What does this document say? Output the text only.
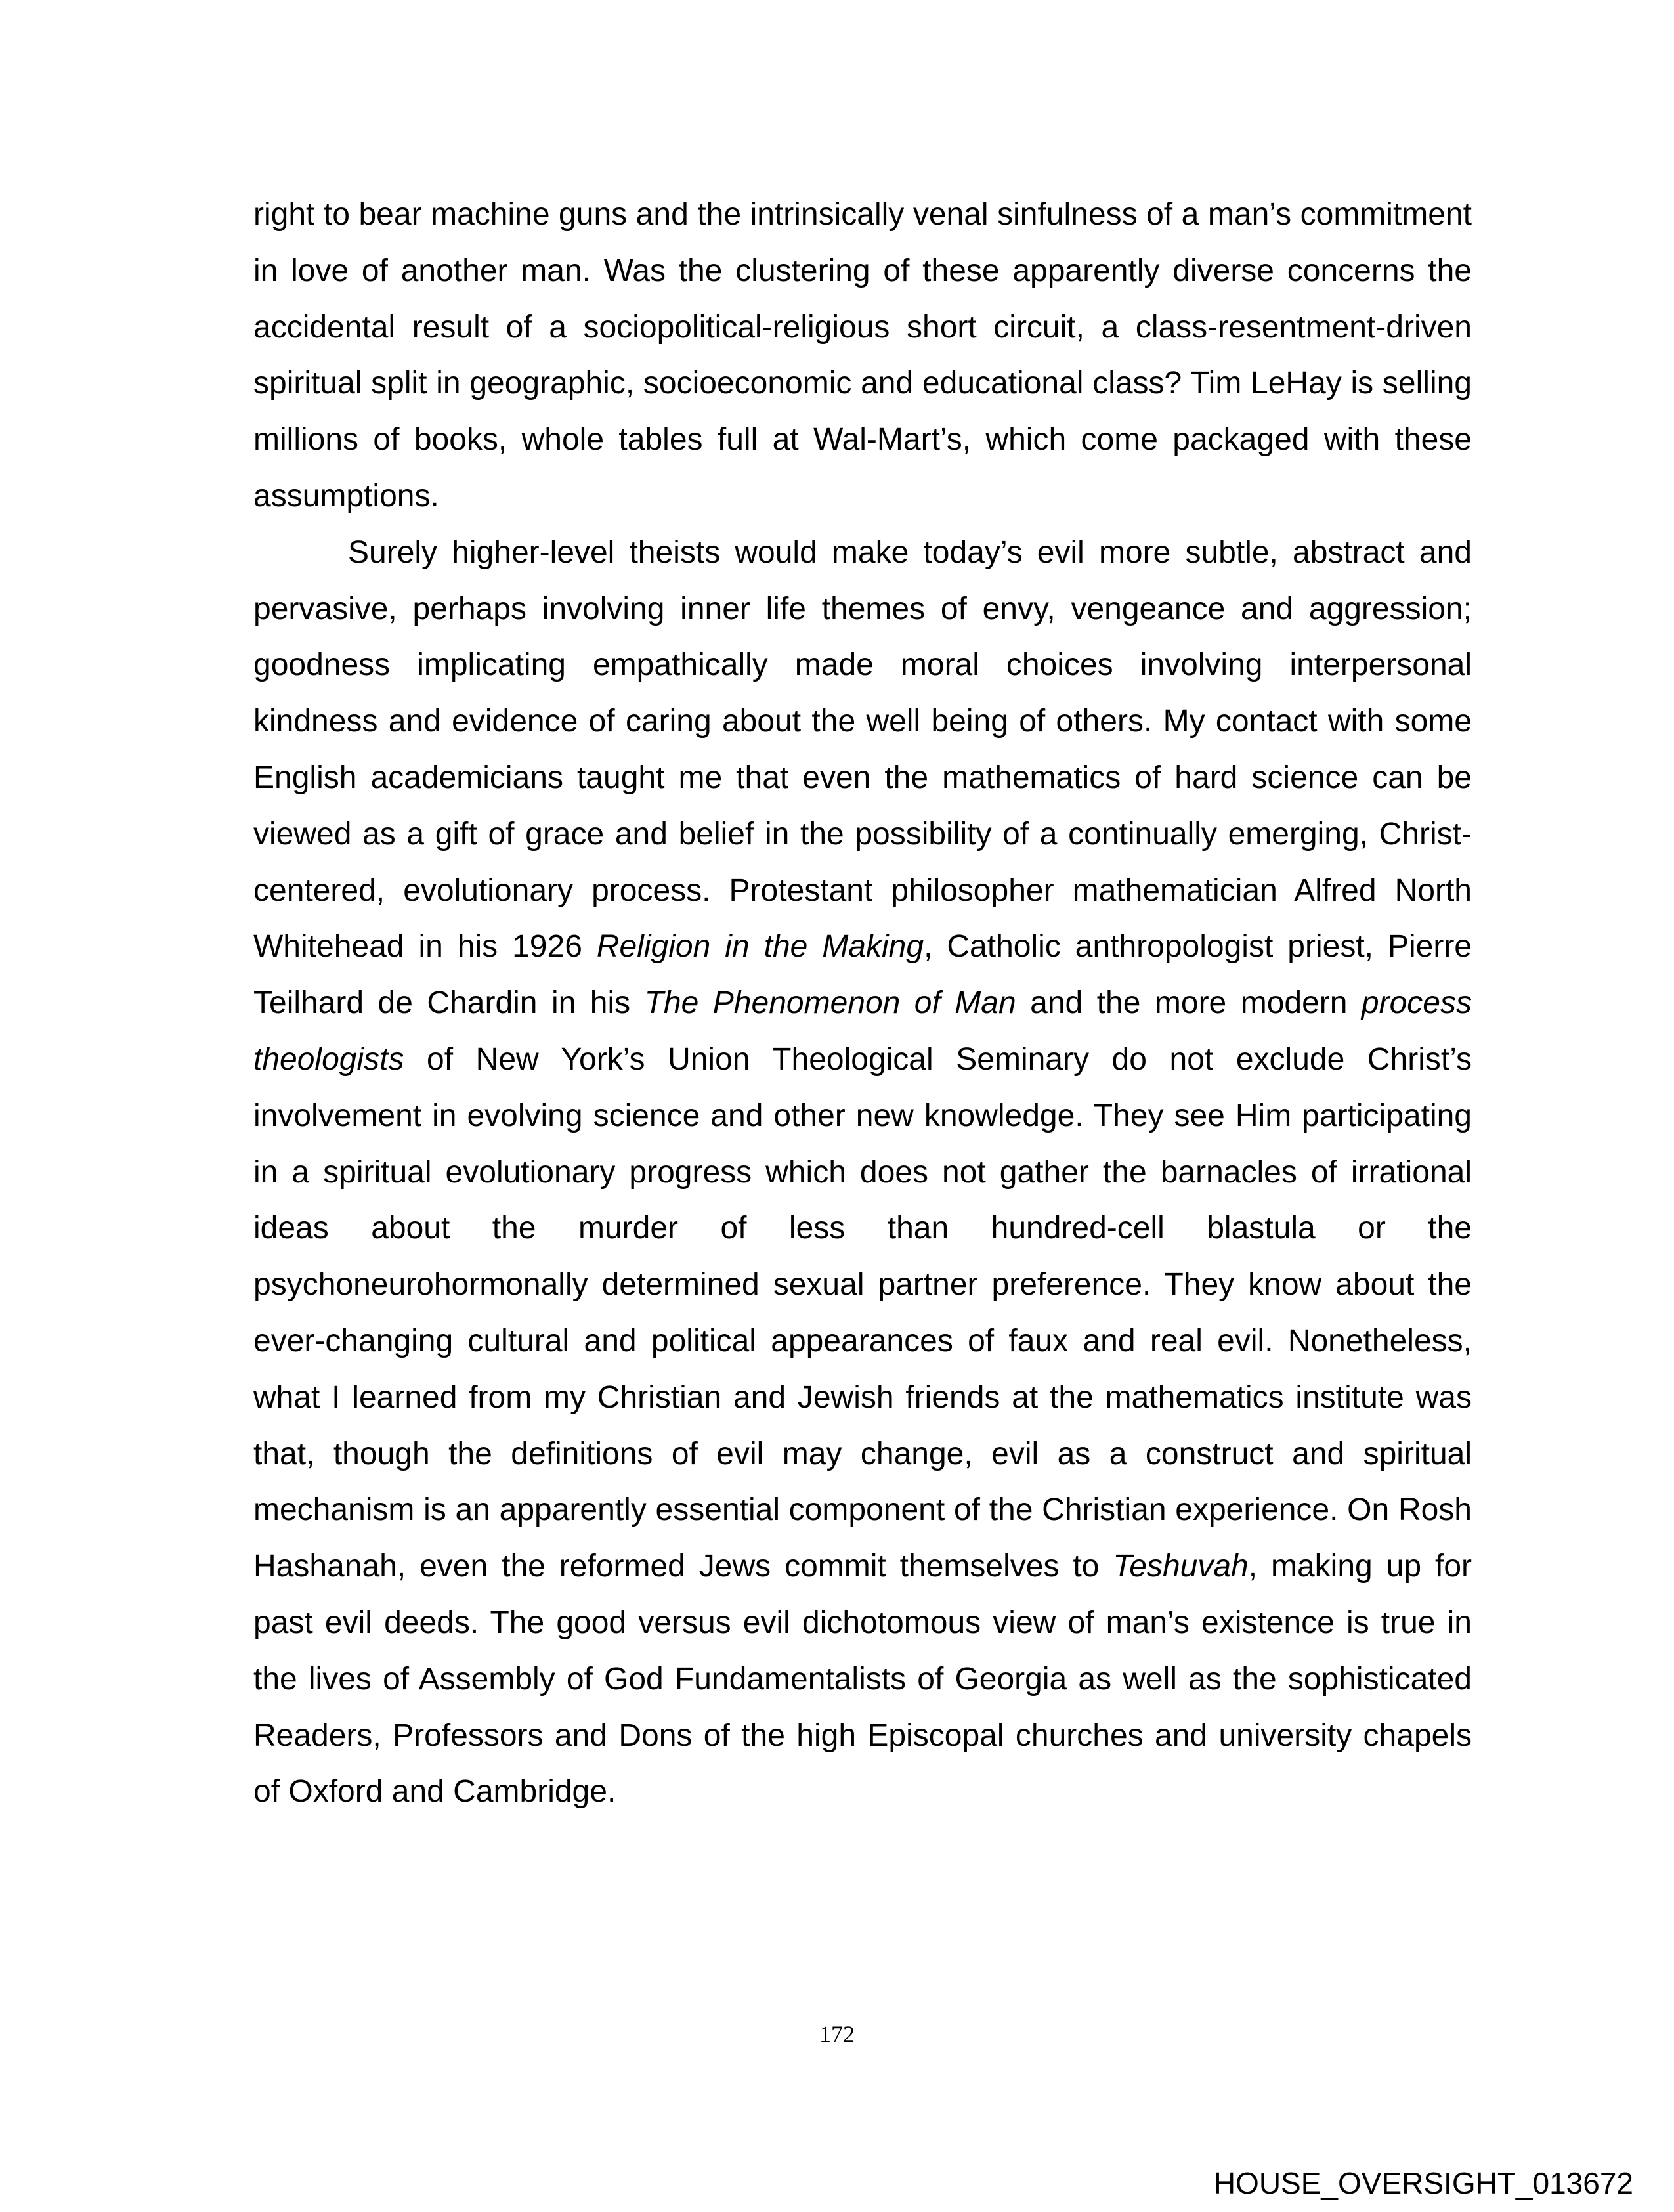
right to bear machine guns and the intrinsically venal sinfulness of a man’s commitment in love of another man. Was the clustering of these apparently diverse concerns the accidental result of a sociopolitical-religious short circuit, a class-resentment-driven spiritual split in geographic, socioeconomic and educational class? Tim LeHay is selling millions of books, whole tables full at Wal-Mart’s, which come packaged with these assumptions.

Surely higher-level theists would make today’s evil more subtle, abstract and pervasive, perhaps involving inner life themes of envy, vengeance and aggression; goodness implicating empathically made moral choices involving interpersonal kindness and evidence of caring about the well being of others. My contact with some English academicians taught me that even the mathematics of hard science can be viewed as a gift of grace and belief in the possibility of a continually emerging, Christ-centered, evolutionary process. Protestant philosopher mathematician Alfred North Whitehead in his 1926 Religion in the Making, Catholic anthropologist priest, Pierre Teilhard de Chardin in his The Phenomenon of Man and the more modern process theologists of New York’s Union Theological Seminary do not exclude Christ’s involvement in evolving science and other new knowledge. They see Him participating in a spiritual evolutionary progress which does not gather the barnacles of irrational ideas about the murder of less than hundred-cell blastula or the psychoneurohormonally determined sexual partner preference. They know about the ever-changing cultural and political appearances of faux and real evil. Nonetheless, what I learned from my Christian and Jewish friends at the mathematics institute was that, though the definitions of evil may change, evil as a construct and spiritual mechanism is an apparently essential component of the Christian experience. On Rosh Hashanah, even the reformed Jews commit themselves to Teshuvah, making up for past evil deeds. The good versus evil dichotomous view of man’s existence is true in the lives of Assembly of God Fundamentalists of Georgia as well as the sophisticated Readers, Professors and Dons of the high Episcopal churches and university chapels of Oxford and Cambridge.

172
HOUSE_OVERSIGHT_013672
